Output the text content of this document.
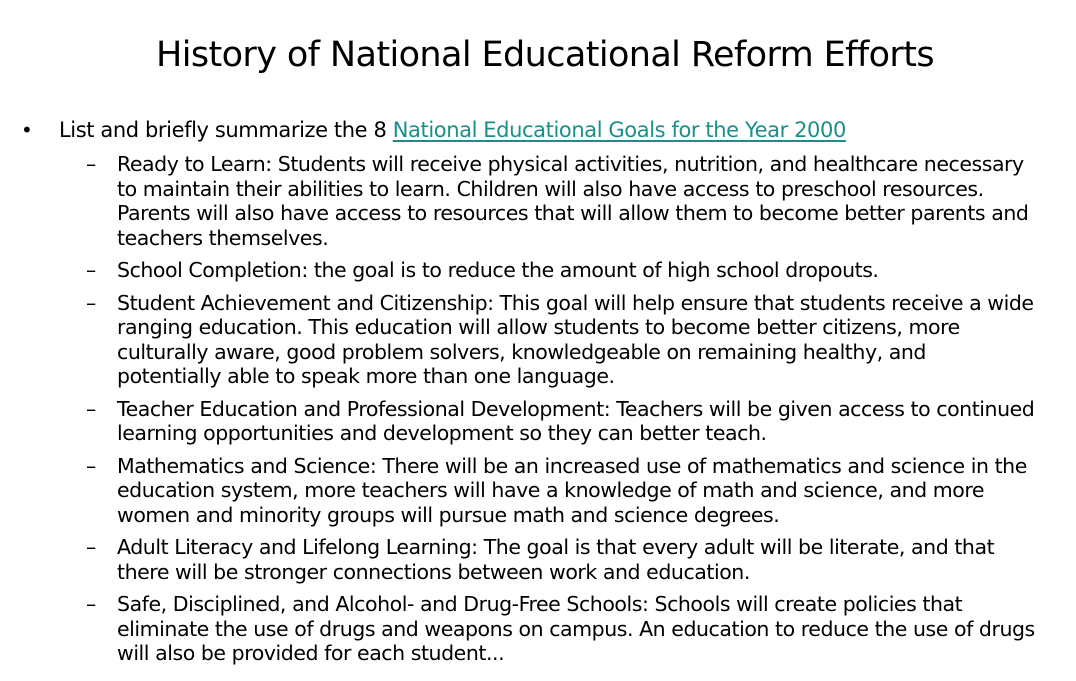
History of National Educational Reform Efforts
• List and briefly summarize the 8 National Educational Goals for the Year 2000
– Ready to Learn: Students will receive physical activities, nutrition, and healthcare necessary to maintain their abilities to learn. Children will also have access to preschool resources. Parents will also have access to resources that will allow them to become better parents and teachers themselves.
– School Completion: the goal is to reduce the amount of high school dropouts.
– Student Achievement and Citizenship: This goal will help ensure that students receive a wide ranging education. This education will allow students to become better citizens, more culturally aware, good problem solvers, knowledgeable on remaining healthy, and potentially able to speak more than one language.
– Teacher Education and Professional Development: Teachers will be given access to continued learning opportunities and development so they can better teach.
– Mathematics and Science: There will be an increased use of mathematics and science in the education system, more teachers will have a knowledge of math and science, and more women and minority groups will pursue math and science degrees.
– Adult Literacy and Lifelong Learning: The goal is that every adult will be literate, and that there will be stronger connections between work and education.
– Safe, Disciplined, and Alcohol- and Drug-Free Schools: Schools will create policies that eliminate the use of drugs and weapons on campus. An education to reduce the use of drugs will also be provided for each student...
